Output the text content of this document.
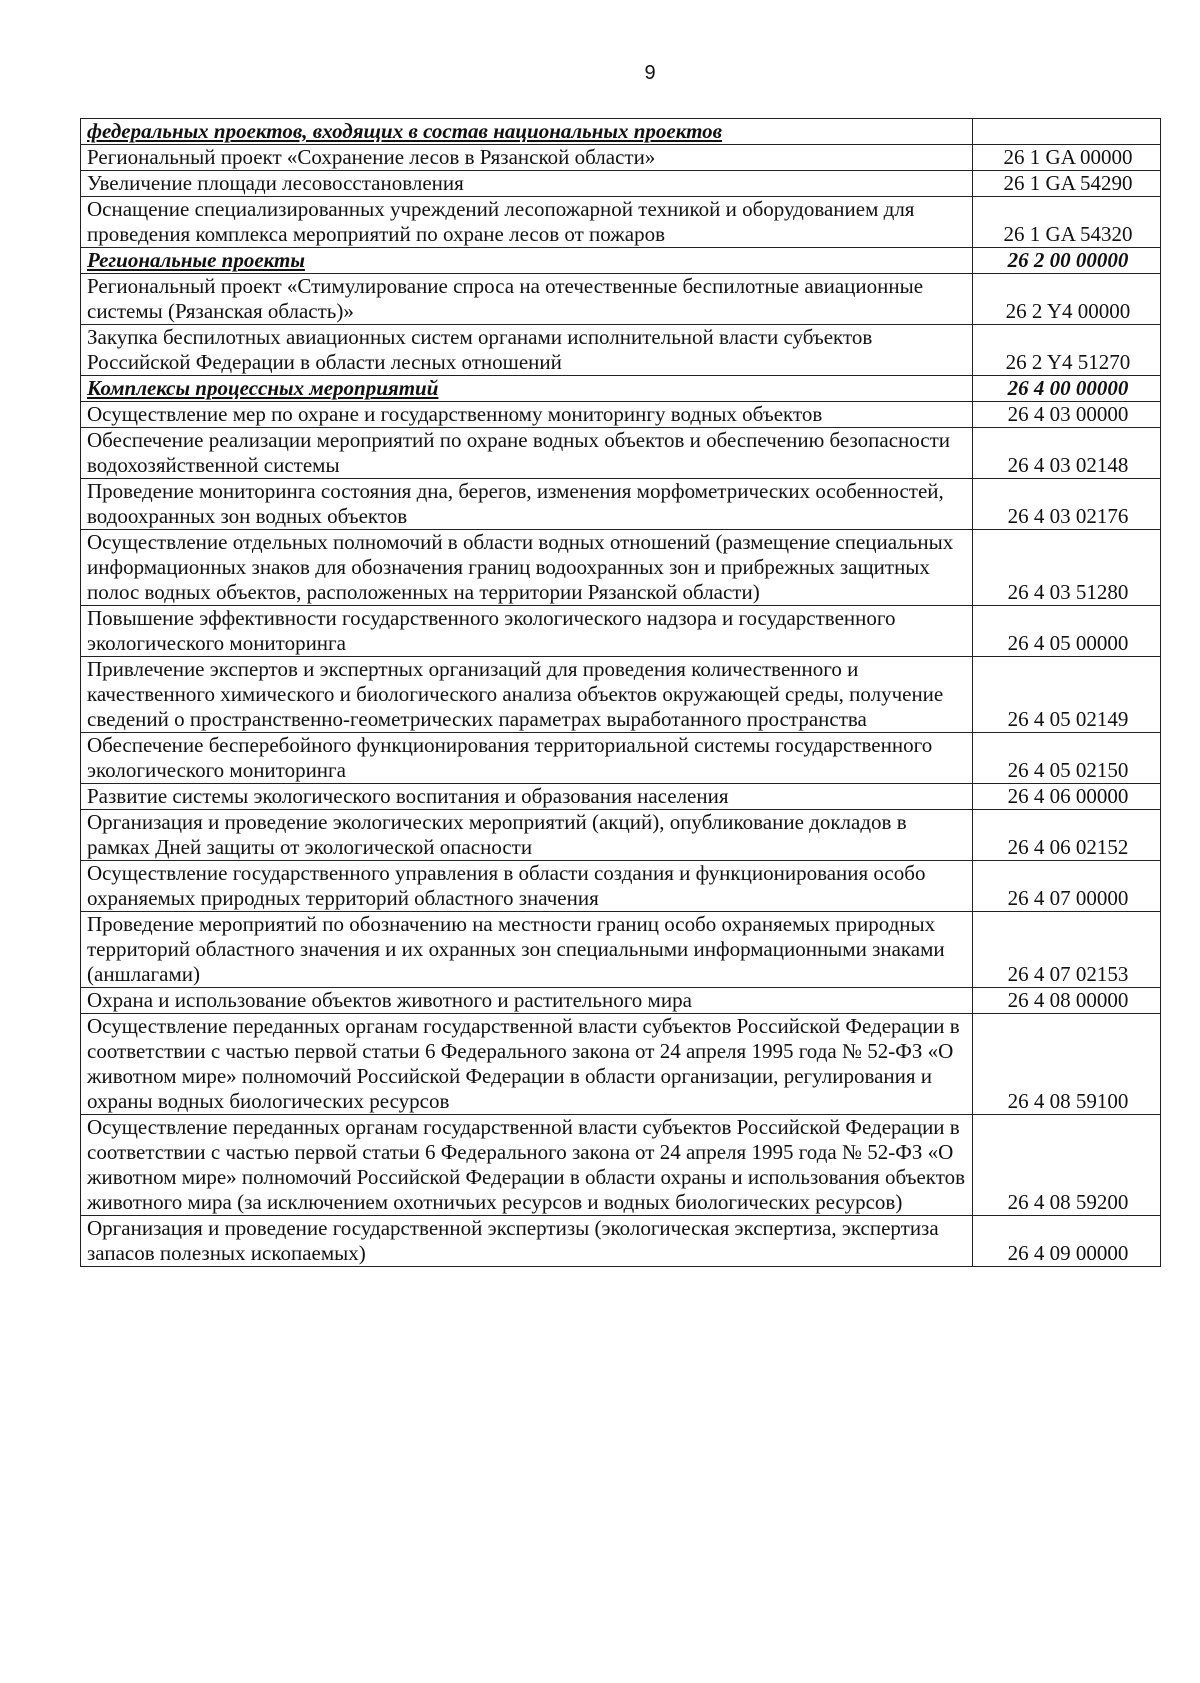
9
федеральных проектов, входящих в состав национальных проектов	
Региональный проект «Сохранение лесов в Рязанской области»	26 1 GA 00000
Увеличение площади лесовосстановления	26 1 GA 54290
Оснащение специализированных учреждений лесопожарной техникой и оборудованием для проведения комплекса мероприятий по охране лесов от пожаров	26 1 GA 54320
Региональные проекты	26 2 00 00000
Региональный проект «Стимулирование спроса на отечественные беспилотные авиационные системы (Рязанская область)»	26 2 Y4 00000
Закупка беспилотных авиационных систем органами исполнительной власти субъектов Российской Федерации в области лесных отношений	26 2 Y4 51270
Комплексы процессных мероприятий	26 4 00 00000
Осуществление мер по охране и государственному мониторингу водных объектов	26 4 03 00000
Обеспечение реализации мероприятий по охране водных объектов и обеспечению безопасности водохозяйственной системы	26 4 03 02148
Проведение мониторинга состояния дна, берегов, изменения морфометрических особенностей, водоохранных зон водных объектов	26 4 03 02176
Осуществление отдельных полномочий в области водных отношений (размещение специальных информационных знаков для обозначения границ водоохранных зон и прибрежных защитных полос водных объектов, расположенных на территории Рязанской области)	26 4 03 51280
Повышение эффективности государственного экологического надзора и государственного экологического мониторинга	26 4 05 00000
Привлечение экспертов и экспертных организаций для проведения количественного и качественного химического и биологического анализа объектов окружающей среды, получение сведений о пространственно-геометрических параметрах выработанного пространства	26 4 05 02149
Обеспечение бесперебойного функционирования территориальной системы государственного экологического мониторинга	26 4 05 02150
Развитие системы экологического воспитания и образования населения	26 4 06 00000
Организация и проведение экологических мероприятий (акций), опубликование докладов в рамках Дней защиты от экологической опасности	26 4 06 02152
Осуществление государственного управления в области создания и функционирования особо охраняемых природных территорий областного значения	26 4 07 00000
Проведение мероприятий по обозначению на местности границ особо охраняемых природных территорий областного значения и их охранных зон специальными информационными знаками (аншлагами)	26 4 07 02153
Охрана и использование объектов животного и растительного мира	26 4 08 00000
Осуществление переданных органам государственной власти субъектов Российской Федерации в соответствии с частью первой статьи 6 Федерального закона от 24 апреля 1995 года № 52-ФЗ «О животном мире» полномочий Российской Федерации в области организации, регулирования и охраны водных биологических ресурсов	26 4 08 59100
Осуществление переданных органам государственной власти субъектов Российской Федерации в соответствии с частью первой статьи 6 Федерального закона от 24 апреля 1995 года № 52-ФЗ «О животном мире» полномочий Российской Федерации в области охраны и использования объектов животного мира (за исключением охотничьих ресурсов и водных биологических ресурсов)	26 4 08 59200
Организация и проведение государственной экспертизы (экологическая экспертиза, экспертиза запасов полезных ископаемых)	26 4 09 00000
